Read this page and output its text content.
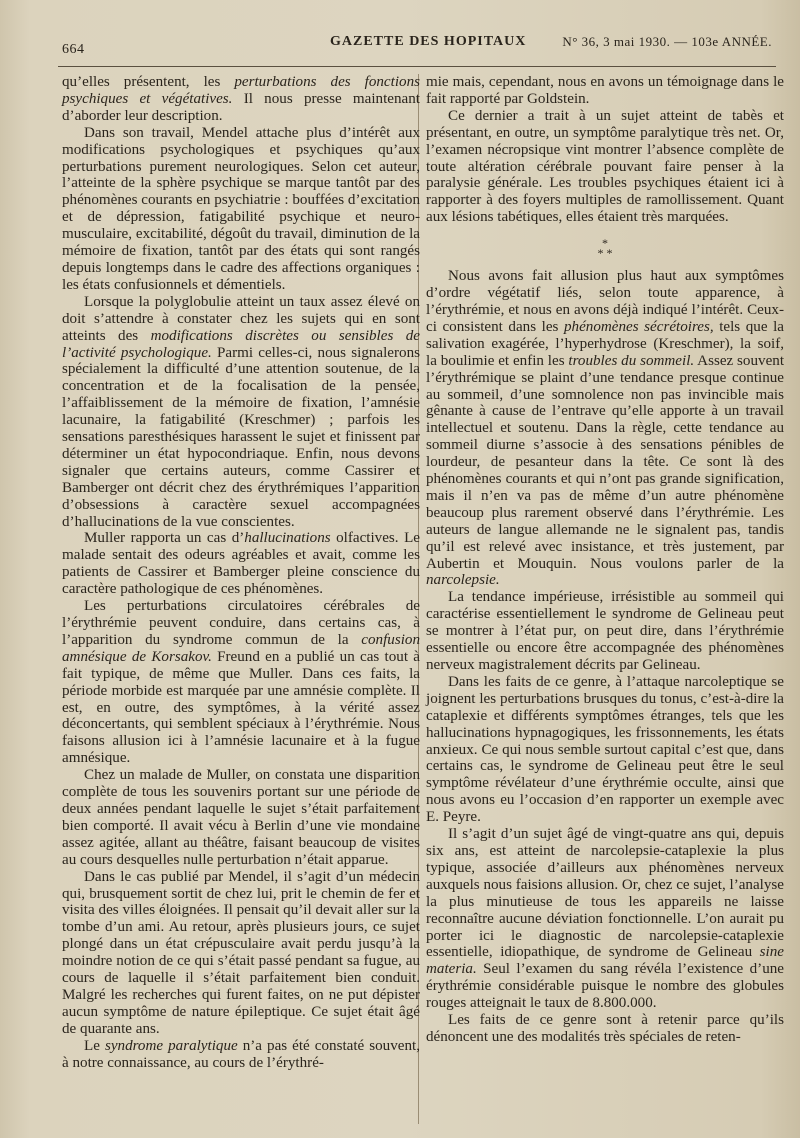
664
GAZETTE DES HOPITAUX	N° 36, 3 mai 1930. — 103e ANNÉE.

qu’elles présentent, les perturbations des fonctions psychiques et végétatives. Il nous presse maintenant d’aborder leur description.

Dans son travail, Mendel attache plus d’intérêt aux modifications psychologiques et psychiques qu’aux perturbations purement neurologiques. Selon cet auteur, l’atteinte de la sphère psychique se marque tantôt par des phénomènes courants en psychiatrie : bouffées d’excitation et de dépression, fatigabilité psychique et neuro-musculaire, excitabilité, dégoût du travail, diminution de la mémoire de fixation, tantôt par des états qui sont rangés depuis longtemps dans le cadre des affections organiques : les états confusionnels et démentiels.

Lorsque la polyglobulie atteint un taux assez élevé on doit s’attendre à constater chez les sujets qui en sont atteints des modifications discrètes ou sensibles de l’activité psychologique. Parmi celles-ci, nous signalerons spécialement la difficulté d’une attention soutenue, de la concentration et de la focalisation de la pensée, l’affaiblissement de la mémoire de fixation, l’amnésie lacunaire, la fatigabilité (Kreschmer) ; parfois les sensations paresthésiques harassent le sujet et finissent par déterminer un état hypocondriaque. Enfin, nous devons signaler que certains auteurs, comme Cassirer et Bamberger ont décrit chez des érythrémiques l’apparition d’obsessions à caractère sexuel accompagnées d’hallucinations de la vue conscientes.

Muller rapporta un cas d’hallucinations olfactives. Le malade sentait des odeurs agréables et avait, comme les patients de Cassirer et Bamberger pleine conscience du caractère pathologique de ces phénomènes.

Les perturbations circulatoires cérébrales de l’érythrémie peuvent conduire, dans certains cas, à l’apparition du syndrome commun de la confusion amnésique de Korsakov. Freund en a publié un cas tout à fait typique, de même que Muller. Dans ces faits, la période morbide est marquée par une amnésie complète. Il est, en outre, des symptômes, à la vérité assez déconcertants, qui semblent spéciaux à l’érythrémie. Nous faisons allusion ici à l’amnésie lacunaire et à la fugue amnésique.

Chez un malade de Muller, on constata une disparition complète de tous les souvenirs portant sur une période de deux années pendant laquelle le sujet s’était parfaitement bien comporté. Il avait vécu à Berlin d’une vie mondaine assez agitée, allant au théâtre, faisant beaucoup de visites au cours desquelles nulle perturbation n’était apparue.

Dans le cas publié par Mendel, il s’agit d’un médecin qui, brusquement sortit de chez lui, prit le chemin de fer et visita des villes éloignées. Il pensait qu’il devait aller sur la tombe d’un ami. Au retour, après plusieurs jours, ce sujet plongé dans un état crépusculaire avait perdu jusqu’à la moindre notion de ce qui s’était passé pendant sa fugue, au cours de laquelle il s’était parfaitement bien conduit. Malgré les recherches qui furent faites, on ne put dépister aucun symptôme de nature épileptique. Ce sujet était âgé de quarante ans.

Le syndrome paralytique n’a pas été constaté souvent, à notre connaissance, au cours de l’érythré-

mie mais, cependant, nous en avons un témoignage dans le fait rapporté par Goldstein.

Ce dernier a trait à un sujet atteint de tabès et présentant, en outre, un symptôme paralytique très net. Or, l’examen nécropsique vint montrer l’absence complète de toute altération cérébrale pouvant faire penser à la paralysie générale. Les troubles psychiques étaient ici à rapporter à des foyers multiples de ramollissement. Quant aux lésions tabétiques, elles étaient très marquées.

*
* *

Nous avons fait allusion plus haut aux symptômes d’ordre végétatif liés, selon toute apparence, à l’érythrémie, et nous en avons déjà indiqué l’intérêt. Ceux-ci consistent dans les phénomènes sécrétoires, tels que la salivation exagérée, l’hyperhydrose (Kreschmer), la soif, la boulimie et enfin les troubles du sommeil. Assez souvent l’érythrémique se plaint d’une tendance presque continue au sommeil, d’une somnolence non pas invincible mais gênante à cause de l’entrave qu’elle apporte à un travail intellectuel et soutenu. Dans la règle, cette tendance au sommeil diurne s’associe à des sensations pénibles de lourdeur, de pesanteur dans la tête. Ce sont là des phénomènes courants et qui n’ont pas grande signification, mais il n’en va pas de même d’un autre phénomène beaucoup plus rarement observé dans l’érythrémie. Les auteurs de langue allemande ne le signalent pas, tandis qu’il est relevé avec insistance, et très justement, par Aubertin et Mouquin. Nous voulons parler de la narcolepsie.

La tendance impérieuse, irrésistible au sommeil qui caractérise essentiellement le syndrome de Gelineau peut se montrer à l’état pur, on peut dire, dans l’érythrémie essentielle ou encore être accompagnée des phénomènes nerveux magistralement décrits par Gelineau.

Dans les faits de ce genre, à l’attaque narcoleptique se joignent les perturbations brusques du tonus, c’est-à-dire la cataplexie et différents symptômes étranges, tels que les hallucinations hypnagogiques, les frissonnements, les états anxieux. Ce qui nous semble surtout capital c’est que, dans certains cas, le syndrome de Gelineau peut être le seul symptôme révélateur d’une érythrémie occulte, ainsi que nous avons eu l’occasion d’en rapporter un exemple avec E. Peyre.

Il s’agit d’un sujet âgé de vingt-quatre ans qui, depuis six ans, est atteint de narcolepsie-cataplexie la plus typique, associée d’ailleurs aux phénomènes nerveux auxquels nous faisions allusion. Or, chez ce sujet, l’analyse la plus minutieuse de tous les appareils ne laisse reconnaître aucune déviation fonctionnelle. L’on aurait pu porter ici le diagnostic de narcolepsie-cataplexie essentielle, idiopathique, de syndrome de Gelineau sine materia. Seul l’examen du sang révéla l’existence d’une érythrémie considérable puisque le nombre des globules rouges atteignait le taux de 8.800.000.

Les faits de ce genre sont à retenir parce qu’ils dénoncent une des modalités très spéciales de reten-
